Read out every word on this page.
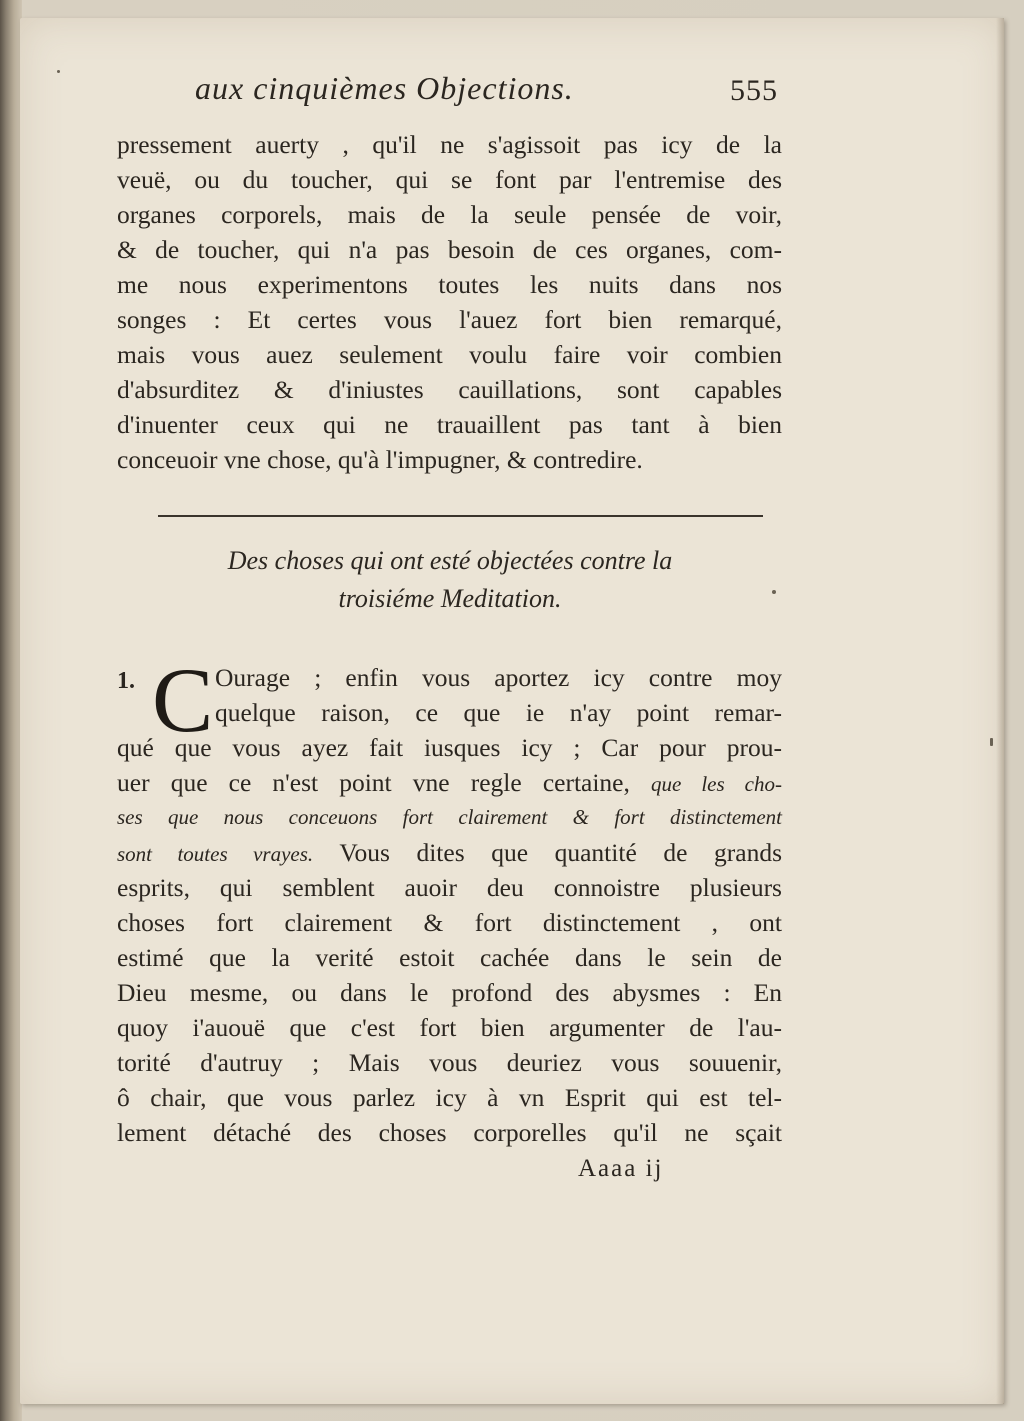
aux cinquièmes Objections.	555
pressement auerty , qu'il ne s'agissoit pas icy de la
veuë, ou du toucher, qui se font par l'entremise des
organes corporels, mais de la seule pensée de voir,
& de toucher, qui n'a pas besoin de ces organes, com-
me nous experimentons toutes les nuits dans nos
songes : Et certes vous l'auez fort bien remarqué,
mais vous auez seulement voulu faire voir combien
d'absurditez & d'iniustes cauillations, sont capables
d'inuenter ceux qui ne trauaillent pas tant à bien
conceuoir vne chose, qu'à l'impugner, & contredire.
Des choses qui ont esté objectées contre la
troisiéme Meditation.
1. C Ourage ; enfin vous aportez icy contre moy
quelque raison, ce que ie n'ay point remar-
qué que vous ayez fait iusques icy ; Car pour prou-
uer que ce n'est point vne regle certaine, que les cho-
ses que nous conceuons fort clairement & fort distinctement
sont toutes vrayes. Vous dites que quantité de grands
esprits, qui semblent auoir deu connoistre plusieurs
choses fort clairement & fort distinctement , ont
estimé que la verité estoit cachée dans le sein de
Dieu mesme, ou dans le profond des abysmes : En
quoy i'auouë que c'est fort bien argumenter de l'au-
torité d'autruy ; Mais vous deuriez vous souuenir,
ô chair, que vous parlez icy à vn Esprit qui est tel-
lement détaché des choses corporelles qu'il ne sçait
Aaaa ij
